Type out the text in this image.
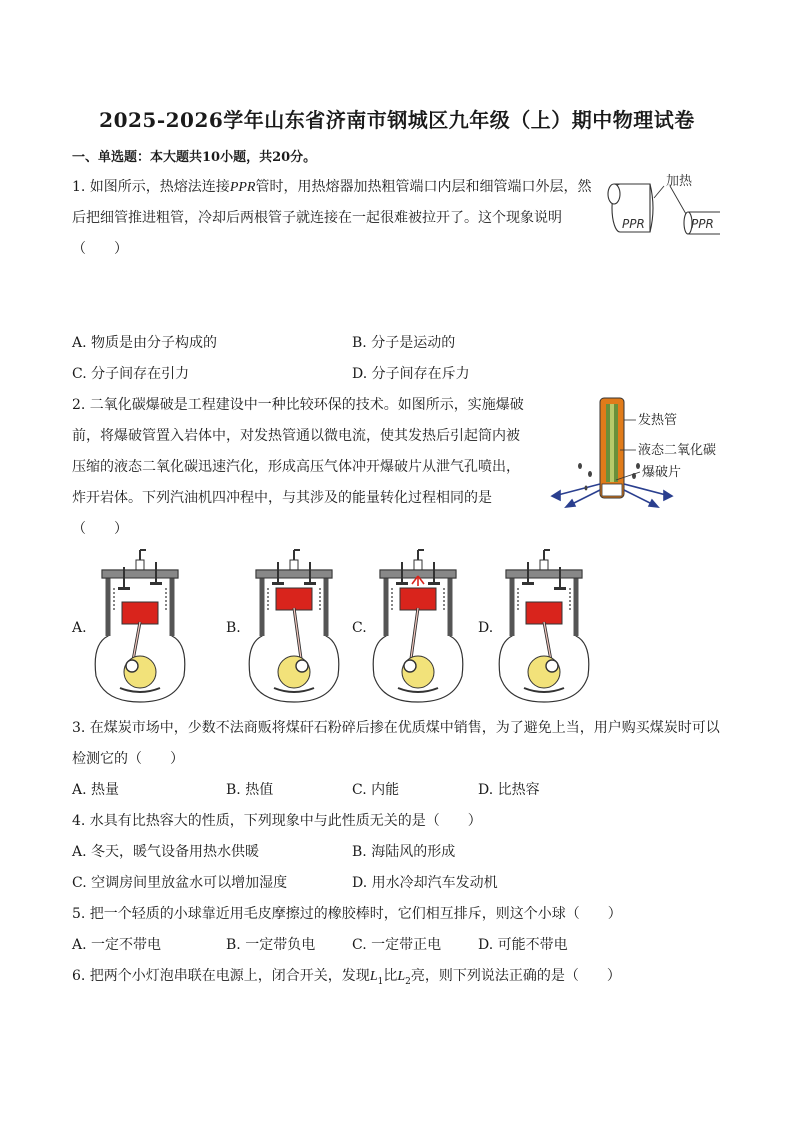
2025-2026学年山东省济南市钢城区九年级（上）期中物理试卷
一、单选题：本大题共10小题，共20分。
1. 如图所示，热熔法连接PPR管时，用热熔器加热粗管端口内层和细管端口外层，然
后把细管推进粗管，冷却后两根管子就连接在一起很难被拉开了。这个现象说明
（　　）
加热
PPR	PPR
A. 物质是由分子构成的	B. 分子是运动的
C. 分子间存在引力	D. 分子间存在斥力
2. 二氧化碳爆破是工程建设中一种比较环保的技术。如图所示，实施爆破
前，将爆破管置入岩体中，对发热管通以微电流，使其发热后引起筒内被
压缩的液态二氧化碳迅速汽化，形成高压气体冲开爆破片从泄气孔喷出，
炸开岩体。下列汽油机四冲程中，与其涉及的能量转化过程相同的是
（　　）
发热管
液态二氧化碳
爆破片
A.	B.	C.	D.
3. 在煤炭市场中，少数不法商贩将煤矸石粉碎后掺在优质煤中销售，为了避免上当，用户购买煤炭时可以
检测它的（　　）
A. 热量	B. 热值	C. 内能	D. 比热容
4. 水具有比热容大的性质，下列现象中与此性质无关的是（　　）
A. 冬天，暖气设备用热水供暖	B. 海陆风的形成
C. 空调房间里放盆水可以增加湿度	D. 用水冷却汽车发动机
5. 把一个轻质的小球靠近用毛皮摩擦过的橡胶棒时，它们相互排斥，则这个小球（　　）
A. 一定不带电	B. 一定带负电	C. 一定带正电	D. 可能不带电
6. 把两个小灯泡串联在电源上，闭合开关，发现$L_1$比$L_2$亮，则下列说法正确的是（　　）
